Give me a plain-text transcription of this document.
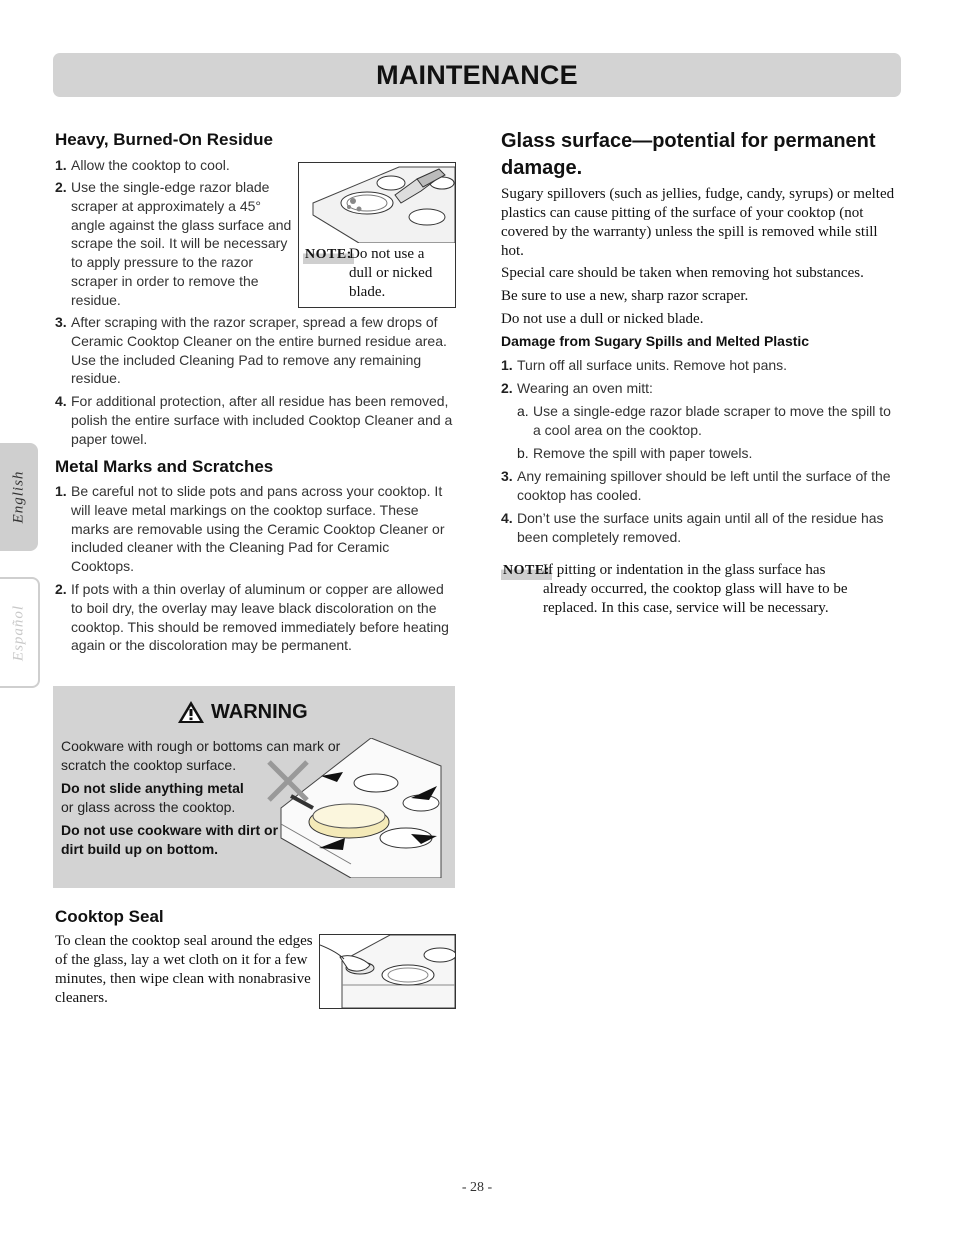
MAINTENANCE
English
Español
Heavy, Burned-On Residue
1. Allow the cooktop to cool.
2. Use the single-edge razor blade scraper at approximately a 45° angle against the glass surface and scrape the soil. It will be necessary to apply pressure to the razor scraper in order to remove the residue.
3. After scraping with the razor scraper, spread a few drops of Ceramic Cooktop Cleaner on the entire burned residue area. Use the included Cleaning Pad to remove any remaining residue.
4. For additional protection, after all residue has been removed, polish the entire surface with included Cooktop Cleaner and a paper towel.
NOTE:
Do not use a dull or nicked blade.
Metal Marks and Scratches
1. Be careful not to slide pots and pans across your cooktop. It will leave metal markings on the cooktop surface. These marks are removable using the Ceramic Cooktop Cleaner or included cleaner with the Cleaning Pad for Ceramic Cooktops.
2. If pots with a thin overlay of aluminum or copper are allowed to boil dry, the overlay may leave black discoloration on the cooktop. This should be removed immediately before heating again or the discoloration may be permanent.
WARNING
Cookware with rough or bottoms can mark or scratch the cooktop surface.
Do not slide anything metal
or glass across the cooktop.
Do not use cookware with dirt or dirt build up on bottom.
Cooktop Seal
To clean the cooktop seal around the edges of the glass, lay a wet cloth on it for a few minutes, then wipe clean with nonabrasive cleaners.
Glass surface—potential for permanent damage.
Sugary spillovers (such as jellies, fudge, candy, syrups) or melted plastics can cause pitting of the surface of your cooktop (not covered by the warranty) unless the spill is removed while still hot.
Special care should be taken when removing hot substances.
Be sure to use a new, sharp razor scraper.
Do not use a dull or nicked blade.
Damage from Sugary Spills and Melted Plastic
1. Turn off all surface units. Remove hot pans.
2. Wearing an oven mitt:
a. Use a single-edge razor blade scraper to move the spill to a cool area on the cooktop.
b. Remove the spill with paper towels.
3. Any remaining spillover should be left until the surface of the cooktop has cooled.
4. Don’t use the surface units again until all of the residue has been completely removed.
NOTE:
If pitting or indentation in the glass surface has already occurred, the cooktop glass will have to be replaced. In this case, service will be necessary.
- 28 -
